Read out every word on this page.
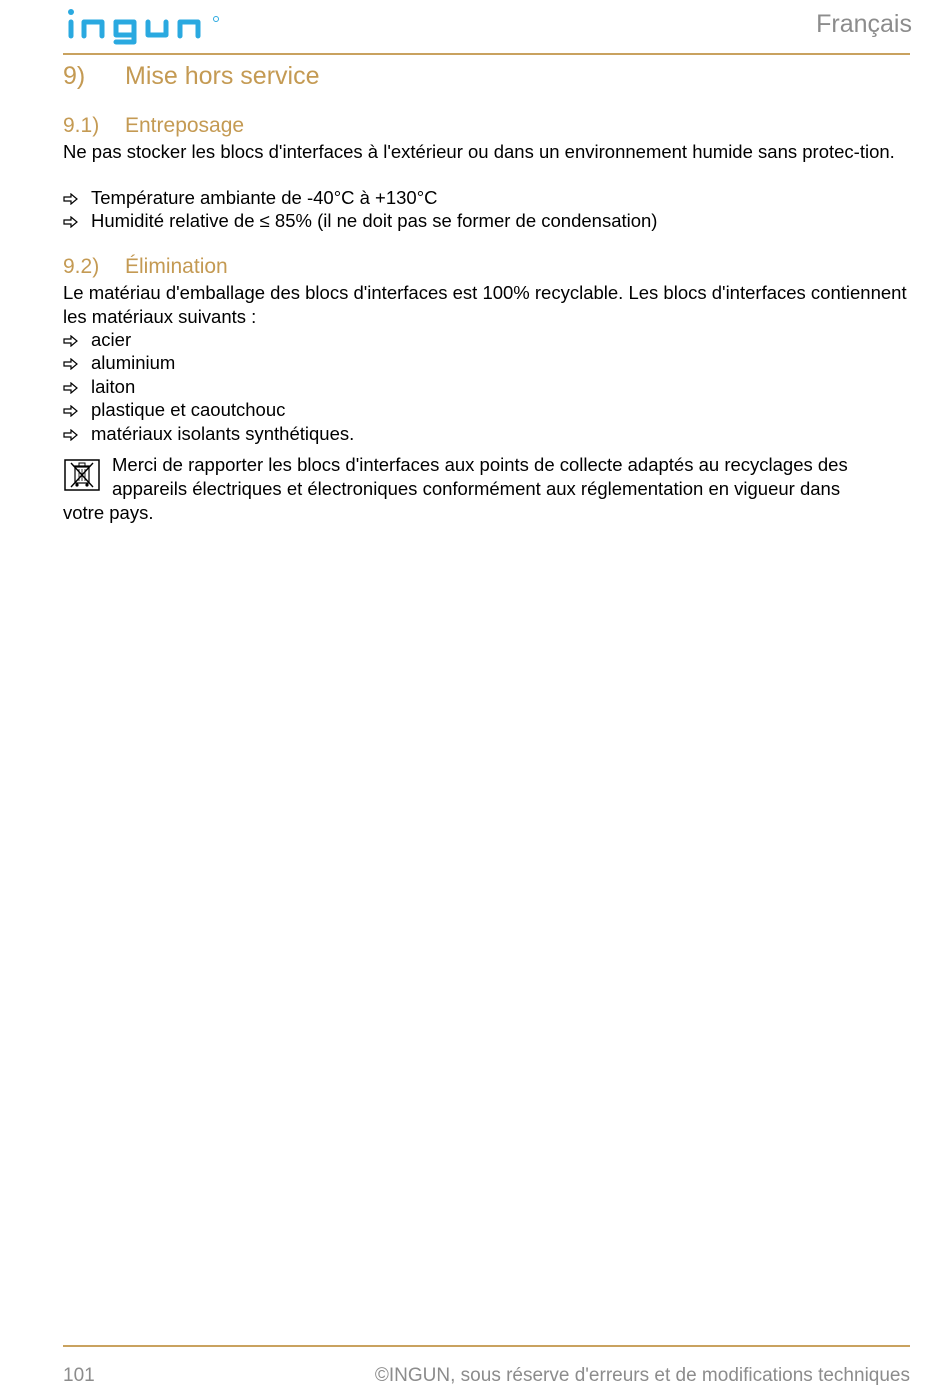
Français
9) Mise hors service
9.1) Entreposage
Ne pas stocker les blocs d'interfaces à l'extérieur ou dans un environnement humide sans protec-tion.
Température ambiante de -40°C à +130°C
Humidité relative de ≤ 85% (il ne doit pas se former de condensation)
9.2) Élimination
Le matériau d'emballage des blocs d'interfaces est 100% recyclable. Les blocs d'interfaces contiennent les matériaux suivants :
acier
aluminium
laiton
plastique et caoutchouc
matériaux isolants synthétiques.
Merci de rapporter les blocs d'interfaces aux points de collecte adaptés au recyclages des
appareils électriques et électroniques conformément aux réglementation en vigueur dans
votre pays.
101	©INGUN, sous réserve d'erreurs et de modifications techniques
